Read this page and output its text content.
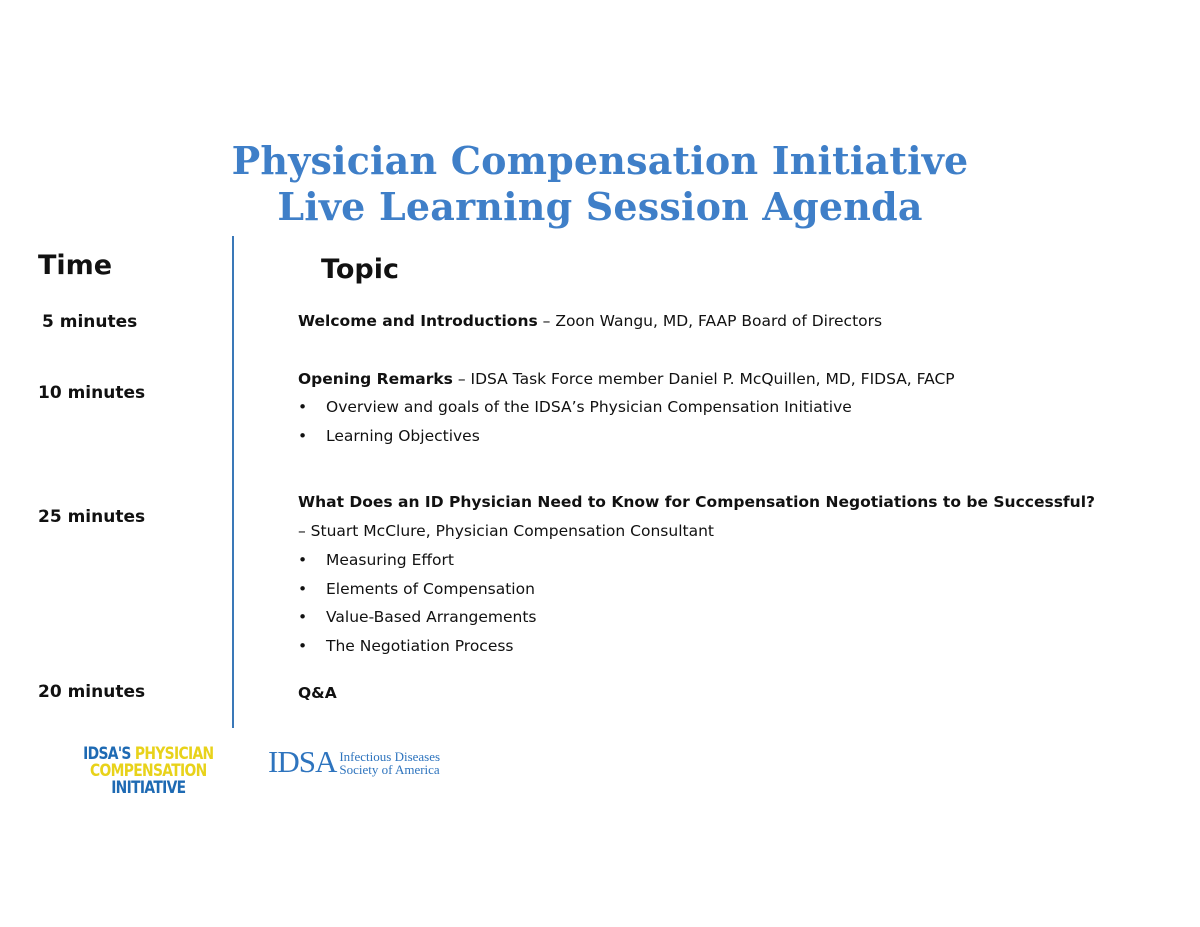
Physician Compensation Initiative
Live Learning Session Agenda
Time	Topic
5 minutes
10 minutes
25 minutes
20 minutes
Welcome and Introductions – Zoon Wangu, MD, FAAP Board of Directors
Opening Remarks – IDSA Task Force member Daniel P. McQuillen, MD, FIDSA, FACP
• Overview and goals of the IDSA’s Physician Compensation Initiative
• Learning Objectives
What Does an ID Physician Need to Know for Compensation Negotiations to be Successful?
– Stuart McClure, Physician Compensation Consultant
• Measuring Effort
• Elements of Compensation
• Value-Based Arrangements
• The Negotiation Process
Q&A
IDSA'S PHYSICIAN
COMPENSATION INITIATIVE
IDSA Infectious Diseases
Society of America
